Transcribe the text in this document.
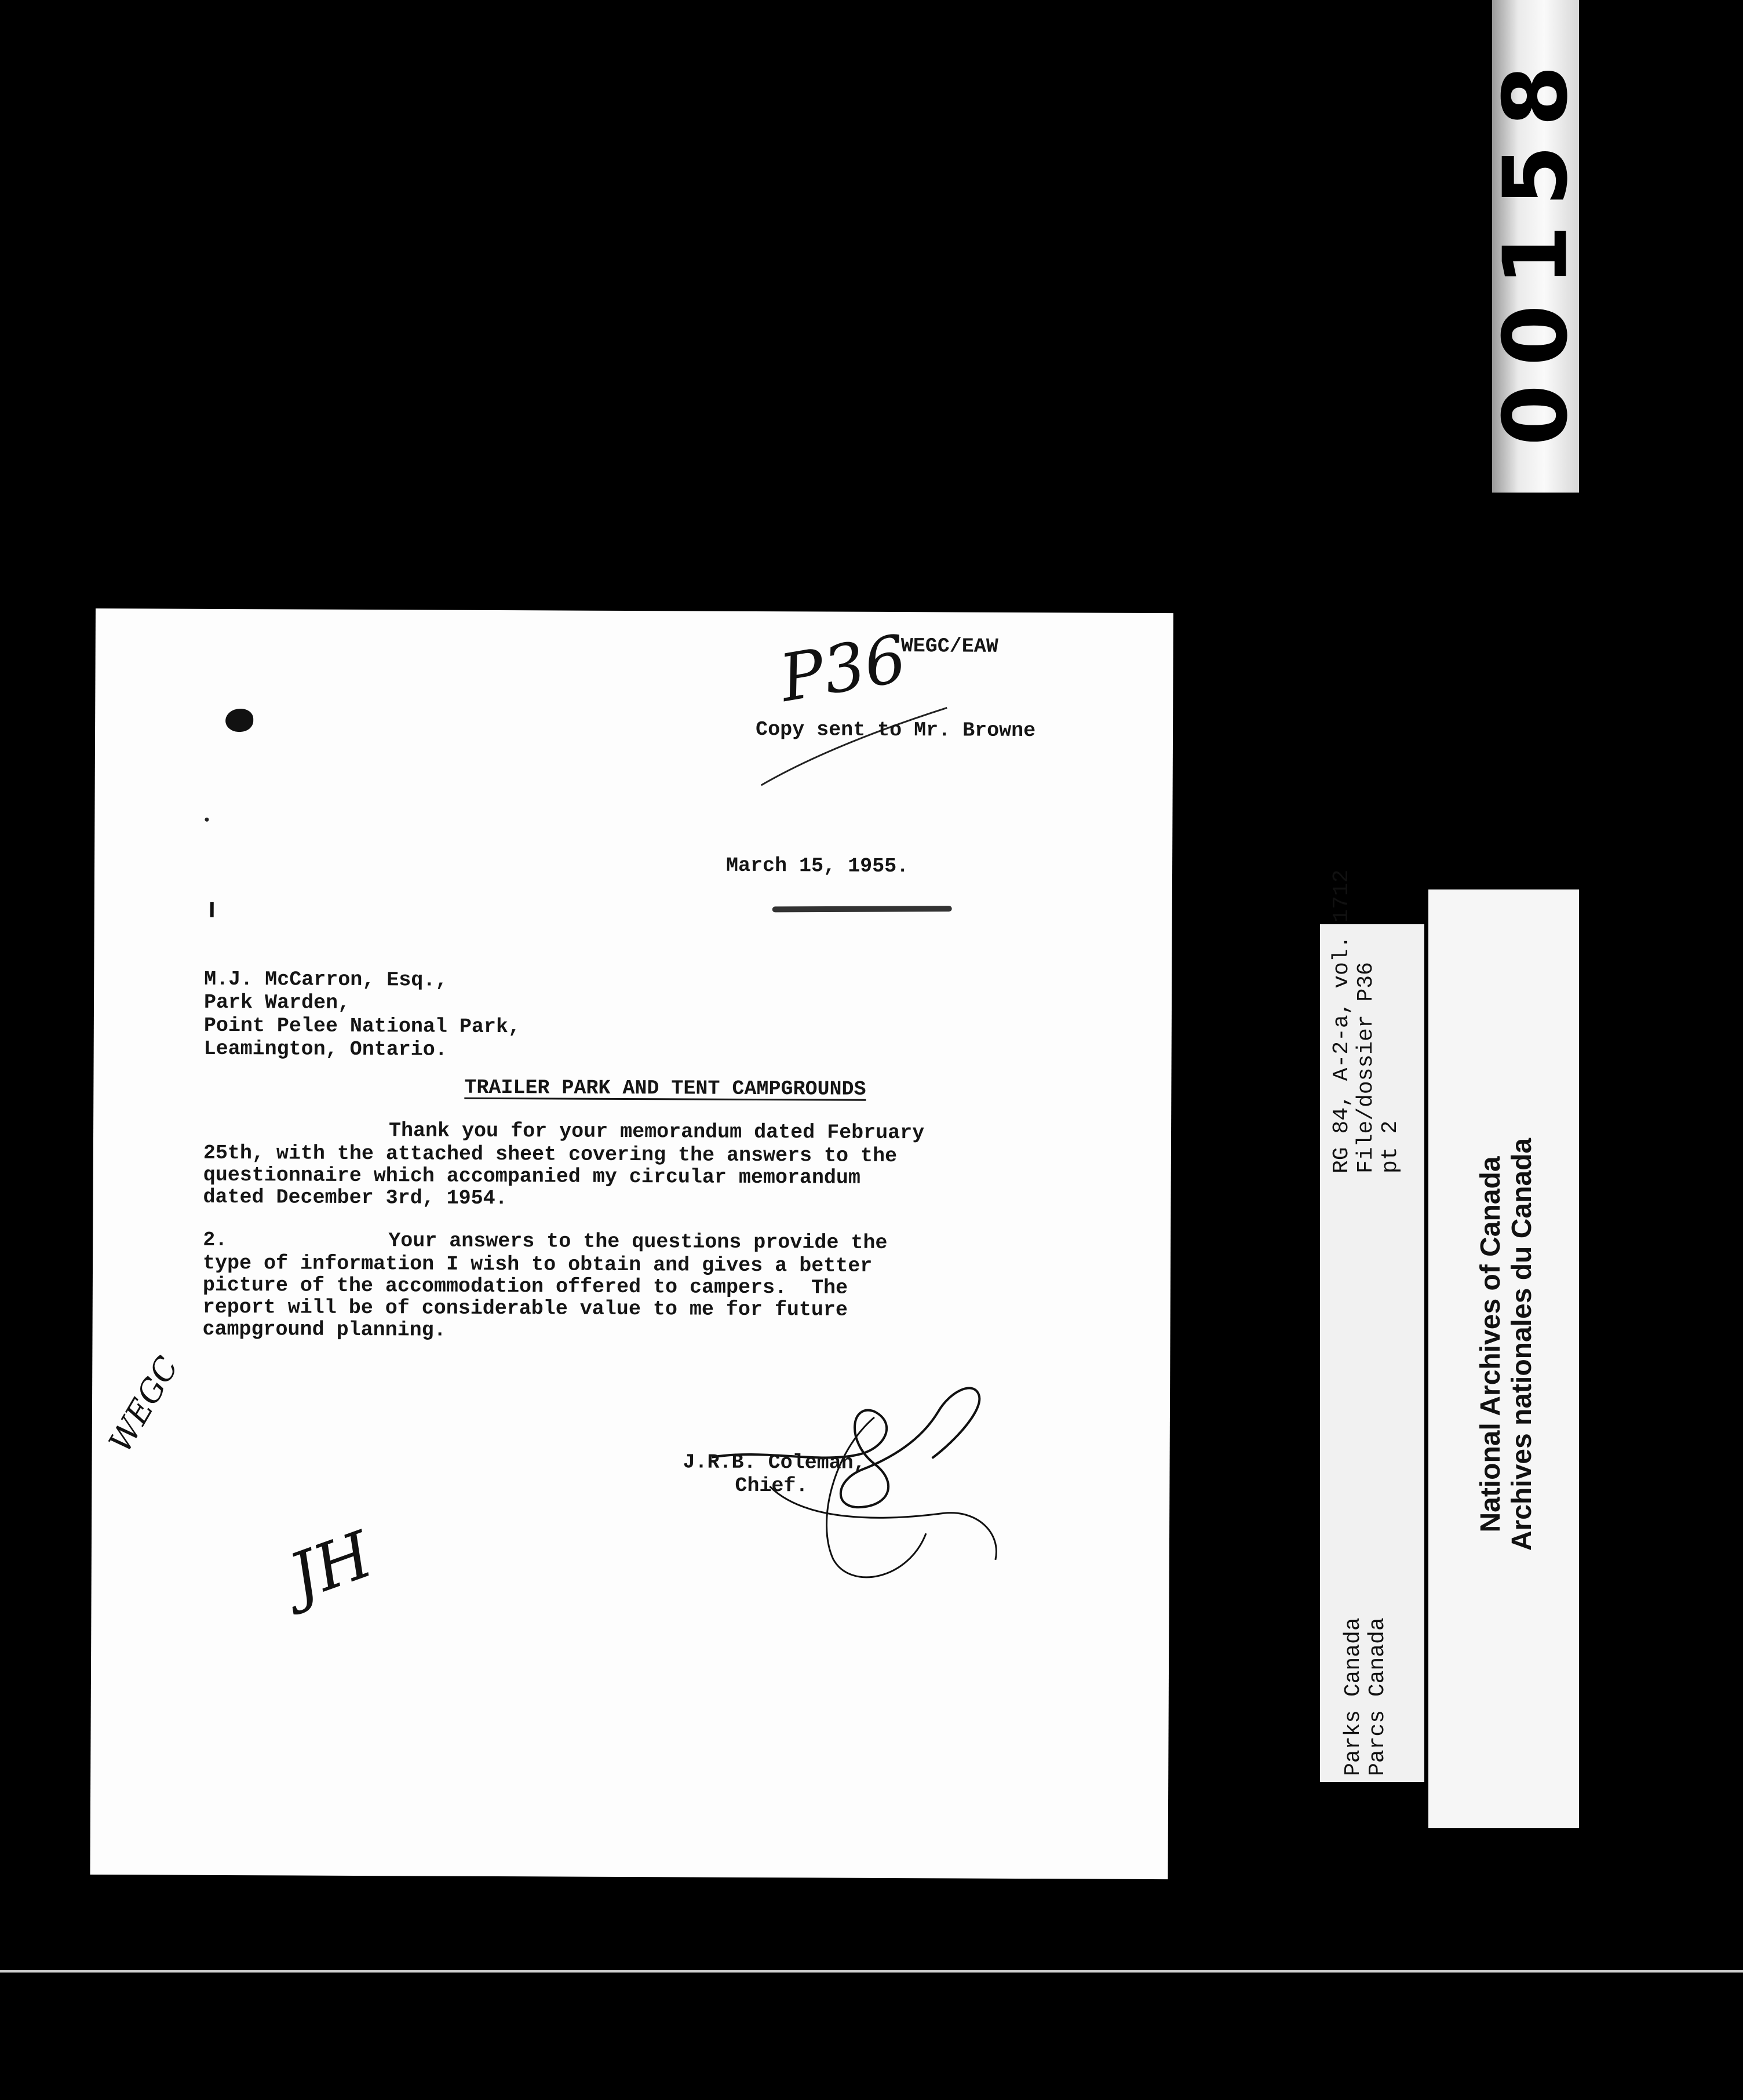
00158
WEGC/EAW
P36
Copy sent to Mr. Browne
March 15, 1955.
M.J. McCarron, Esq.,
Park Warden,
Point Pelee National Park,
Leamington, Ontario.
TRAILER PARK AND TENT CAMPGROUNDS
Thank you for your memorandum dated February
25th, with the attached sheet covering the answers to the
questionnaire which accompanied my circular memorandum
dated December 3rd, 1954.
2.	Your answers to the questions provide the
type of information I wish to obtain and gives a better
picture of the accommodation offered to campers.  The
report will be of considerable value to me for future
campground planning.
J.R.B. Coleman,
Chief.
WEGC
JH
RG 84, A-2-a, vol. 1712
File/dossier P36
pt 2
Parks Canada
Parcs Canada
National Archives of Canada Archives nationales du Canada
